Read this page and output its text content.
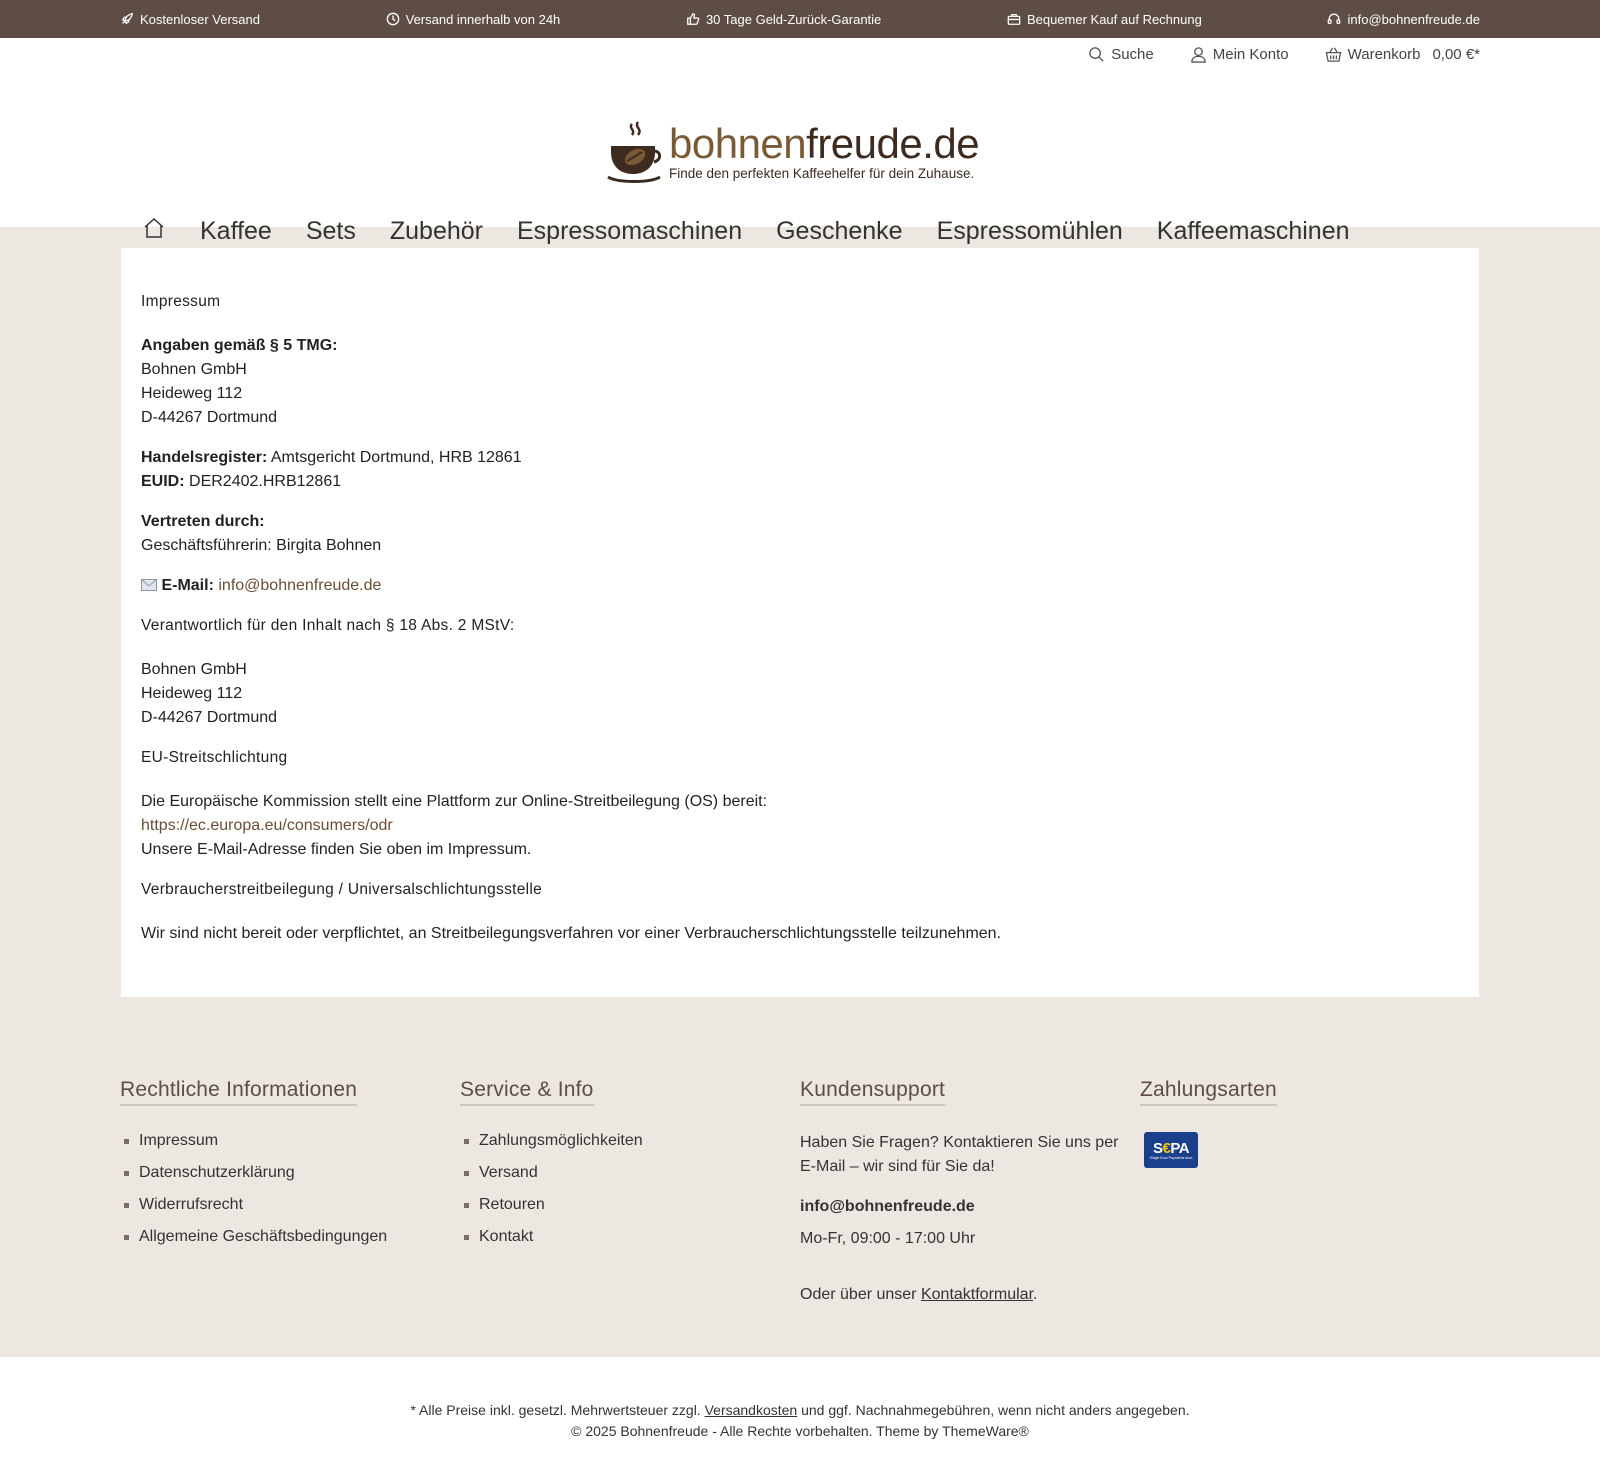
Kostenloser Versand	Versand innerhalb von 24h	30 Tage Geld-Zurück-Garantie	Bequemer Kauf auf Rechnung	info@bohnenfreude.de
Suche	Mein Konto	Warenkorb 0,00 €*
bohnenfreude.de
Finde den perfekten Kaffeehelfer für dein Zuhause.
Kaffee Sets Zubehör Espressomaschinen Geschenke Espressomühlen Kaffeemaschinen
Impressum
Angaben gemäß § 5 TMG:
Bohnen GmbH
Heideweg 112
D-44267 Dortmund
Handelsregister: Amtsgericht Dortmund, HRB 12861
EUID: DER2402.HRB12861
Vertreten durch:
Geschäftsführerin: Birgita Bohnen
E-Mail: info@bohnenfreude.de
Verantwortlich für den Inhalt nach § 18 Abs. 2 MStV:
Bohnen GmbH
Heideweg 112
D-44267 Dortmund
EU-Streitschlichtung
Die Europäische Kommission stellt eine Plattform zur Online-Streitbeilegung (OS) bereit:
https://ec.europa.eu/consumers/odr
Unsere E-Mail-Adresse finden Sie oben im Impressum.
Verbraucherstreitbeilegung / Universalschlichtungsstelle
Wir sind nicht bereit oder verpflichtet, an Streitbeilegungsverfahren vor einer Verbraucherschlichtungsstelle teilzunehmen.
Rechtliche Informationen
Impressum
Datenschutzerklärung
Widerrufsrecht
Allgemeine Geschäftsbedingungen
Service & Info
Zahlungsmöglichkeiten
Versand
Retouren
Kontakt
Kundensupport

Haben Sie Fragen? Kontaktieren Sie uns per E-Mail – wir sind für Sie da!

info@bohnenfreude.de

Mo-Fr, 09:00 - 17:00 Uhr

Oder über unser Kontaktformular.

Zahlungsarten
S€PA
Single Euro Payments Area
* Alle Preise inkl. gesetzl. Mehrwertsteuer zzgl. Versandkosten und ggf. Nachnahmegebühren, wenn nicht anders angegeben.
© 2025 Bohnenfreude - Alle Rechte vorbehalten. Theme by ThemeWare®
